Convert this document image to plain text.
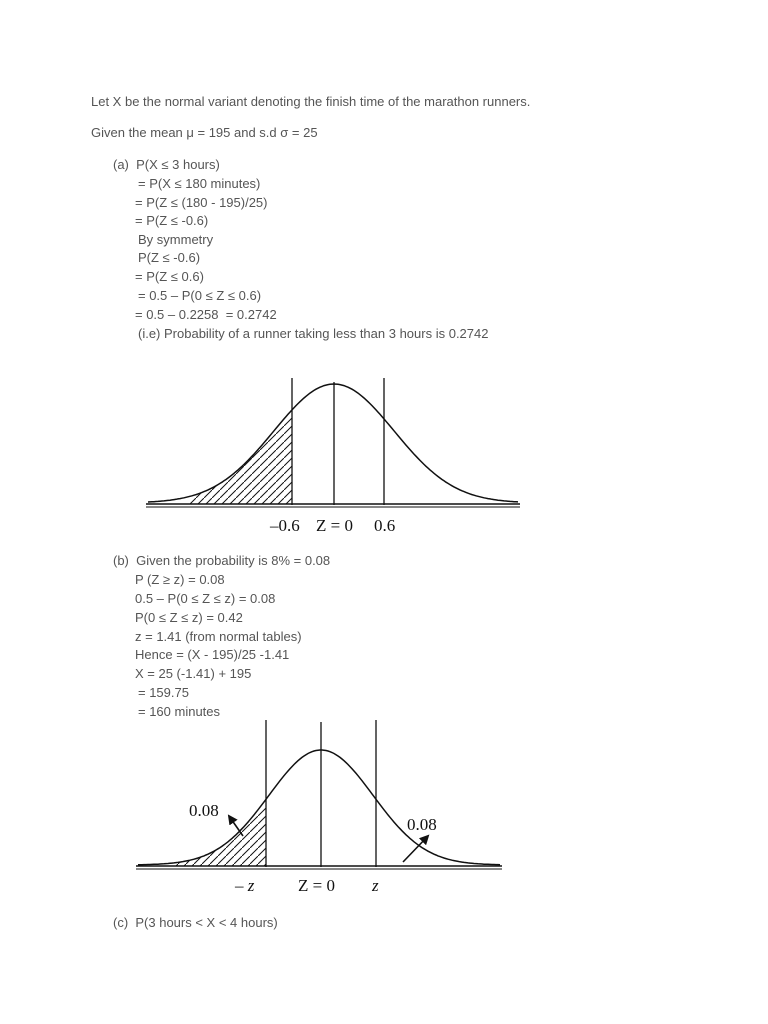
Let X be the normal variant denoting the finish time of the marathon runners.
Given the mean μ = 195 and s.d σ = 25
(a)  P(X ≤ 3 hours)
= P(X ≤ 180 minutes)
= P(Z ≤ (180 - 195)/25)
= P(Z ≤ -0.6)
By symmetry
P(Z ≤ -0.6)
= P(Z ≤ 0.6)
= 0.5 – P(0 ≤ Z ≤ 0.6)
= 0.5 – 0.2258  = 0.2742
(i.e) Probability of a runner taking less than 3 hours is 0.2742
–0.6 Z = 0 0.6
(b)  Given the probability is 8% = 0.08
P (Z ≥ z) = 0.08
0.5 – P(0 ≤ Z ≤ z) = 0.08
P(0 ≤ Z ≤ z) = 0.42
z = 1.41 (from normal tables)
Hence = (X - 195)/25 -1.41
X = 25 (-1.41) + 195
= 159.75
= 160 minutes
0.08
0.08
– z	Z = 0 z
(c)  P(3 hours < X < 4 hours)
